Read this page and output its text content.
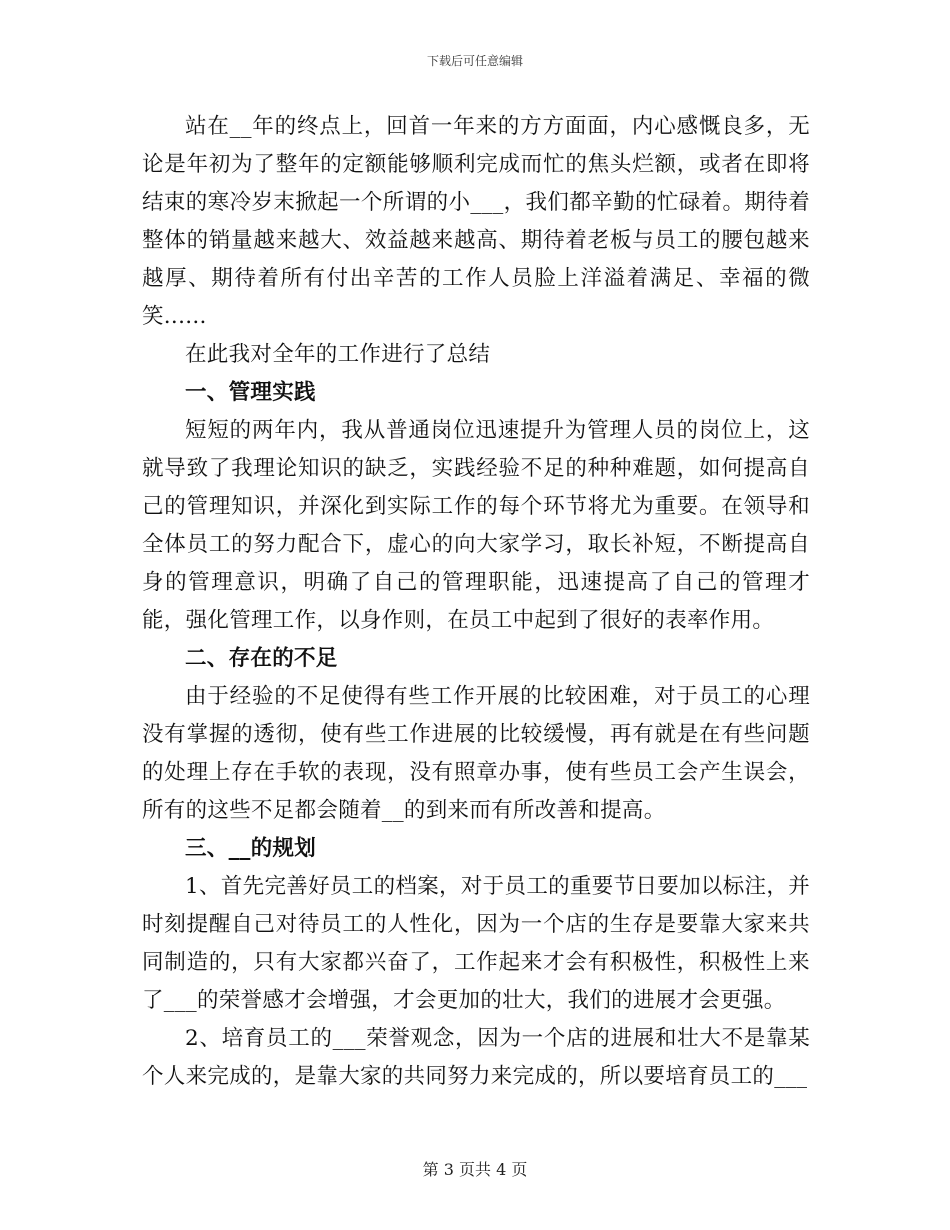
下载后可任意编辑

站在__年的终点上，回首一年来的方方面面，内心感慨良多，无论是年初为了整年的定额能够顺利完成而忙的焦头烂额，或者在即将结束的寒冷岁末掀起一个所谓的小___，我们都辛勤的忙碌着。期待着整体的销量越来越大、效益越来越高、期待着老板与员工的腰包越来越厚、期待着所有付出辛苦的工作人员脸上洋溢着满足、幸福的微笑......

在此我对全年的工作进行了总结

一、管理实践

短短的两年内，我从普通岗位迅速提升为管理人员的岗位上，这就导致了我理论知识的缺乏，实践经验不足的种种难题，如何提高自己的管理知识，并深化到实际工作的每个环节将尤为重要。在领导和全体员工的努力配合下，虚心的向大家学习，取长补短，不断提高自身的管理意识，明确了自己的管理职能，迅速提高了自己的管理才能，强化管理工作，以身作则，在员工中起到了很好的表率作用。

二、存在的不足

由于经验的不足使得有些工作开展的比较困难，对于员工的心理没有掌握的透彻，使有些工作进展的比较缓慢，再有就是在有些问题的处理上存在手软的表现，没有照章办事，使有些员工会产生误会，所有的这些不足都会随着__的到来而有所改善和提高。

三、__的规划

1、首先完善好员工的档案，对于员工的重要节日要加以标注，并时刻提醒自己对待员工的人性化，因为一个店的生存是要靠大家来共同制造的，只有大家都兴奋了，工作起来才会有积极性，积极性上来了___的荣誉感才会增强，才会更加的壮大，我们的进展才会更强。

2、培育员工的___荣誉观念，因为一个店的进展和壮大不是靠某个人来完成的，是靠大家的共同努力来完成的，所以要培育员工的___

第 3 页共 4 页
